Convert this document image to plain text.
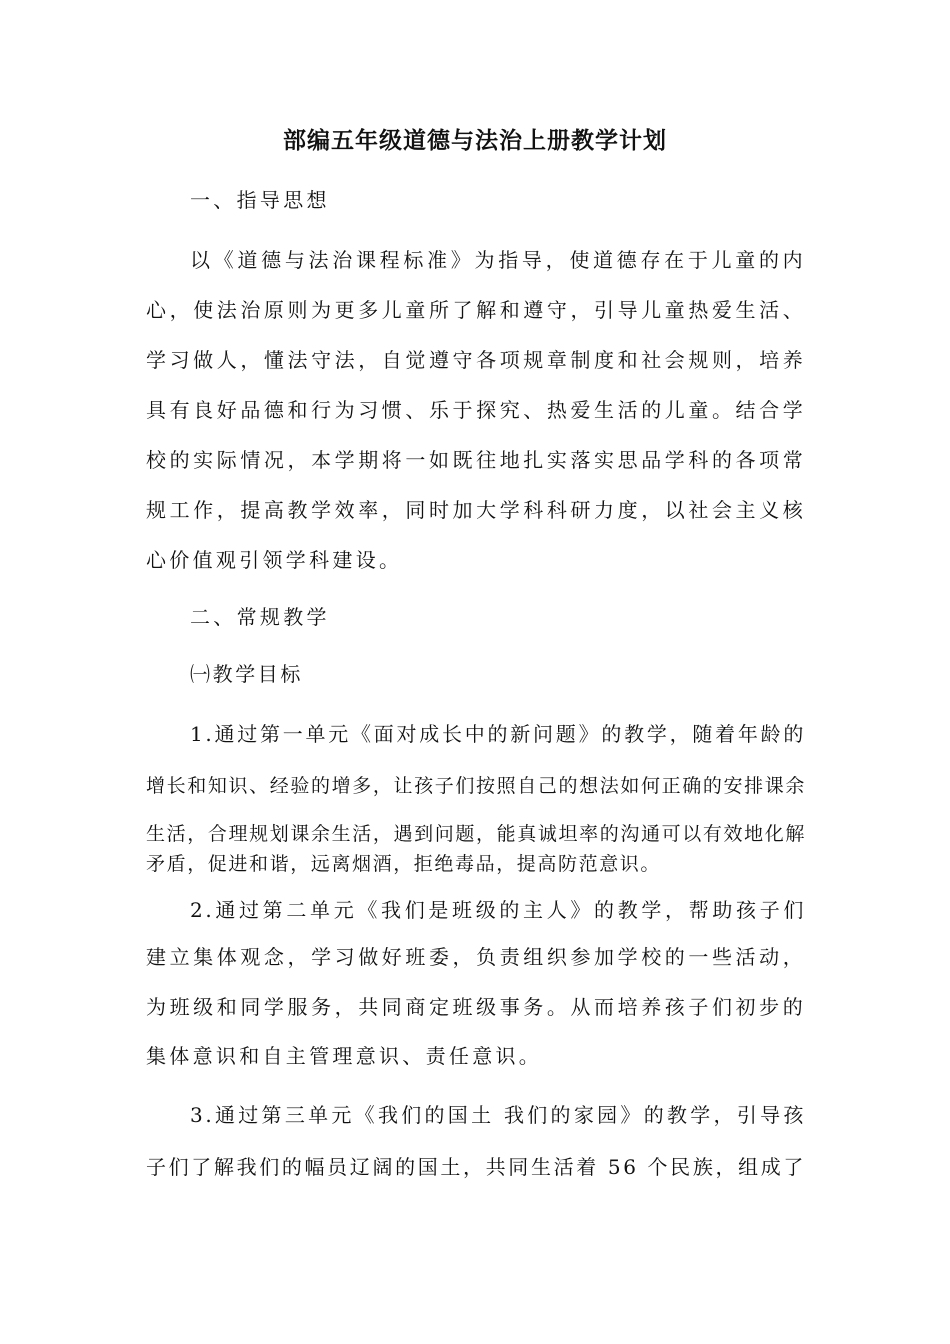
部编五年级道德与法治上册教学计划

一、指导思想

以《道德与法治课程标准》为指导，使道德存在于儿童的内

心，使法治原则为更多儿童所了解和遵守，引导儿童热爱生活、

学习做人，懂法守法，自觉遵守各项规章制度和社会规则，培养

具有良好品德和行为习惯、乐于探究、热爱生活的儿童。结合学

校的实际情况，本学期将一如既往地扎实落实思品学科的各项常

规工作，提高教学效率，同时加大学科科研力度，以社会主义核

心价值观引领学科建设。

二、常规教学

㈠教学目标

1.通过第一单元《面对成长中的新问题》的教学，随着年龄的

增长和知识、经验的增多，让孩子们按照自己的想法如何正确的安排课余

生活，合理规划课余生活，遇到问题，能真诚坦率的沟通可以有效地化解

矛盾，促进和谐，远离烟酒，拒绝毒品，提高防范意识。

2.通过第二单元《我们是班级的主人》的教学，帮助孩子们

建立集体观念，学习做好班委，负责组织参加学校的一些活动，

为班级和同学服务，共同商定班级事务。从而培养孩子们初步的

集体意识和自主管理意识、责任意识。

3.通过第三单元《我们的国土 我们的家园》的教学，引导孩

子们了解我们的幅员辽阔的国土，共同生活着 56 个民族，组成了
